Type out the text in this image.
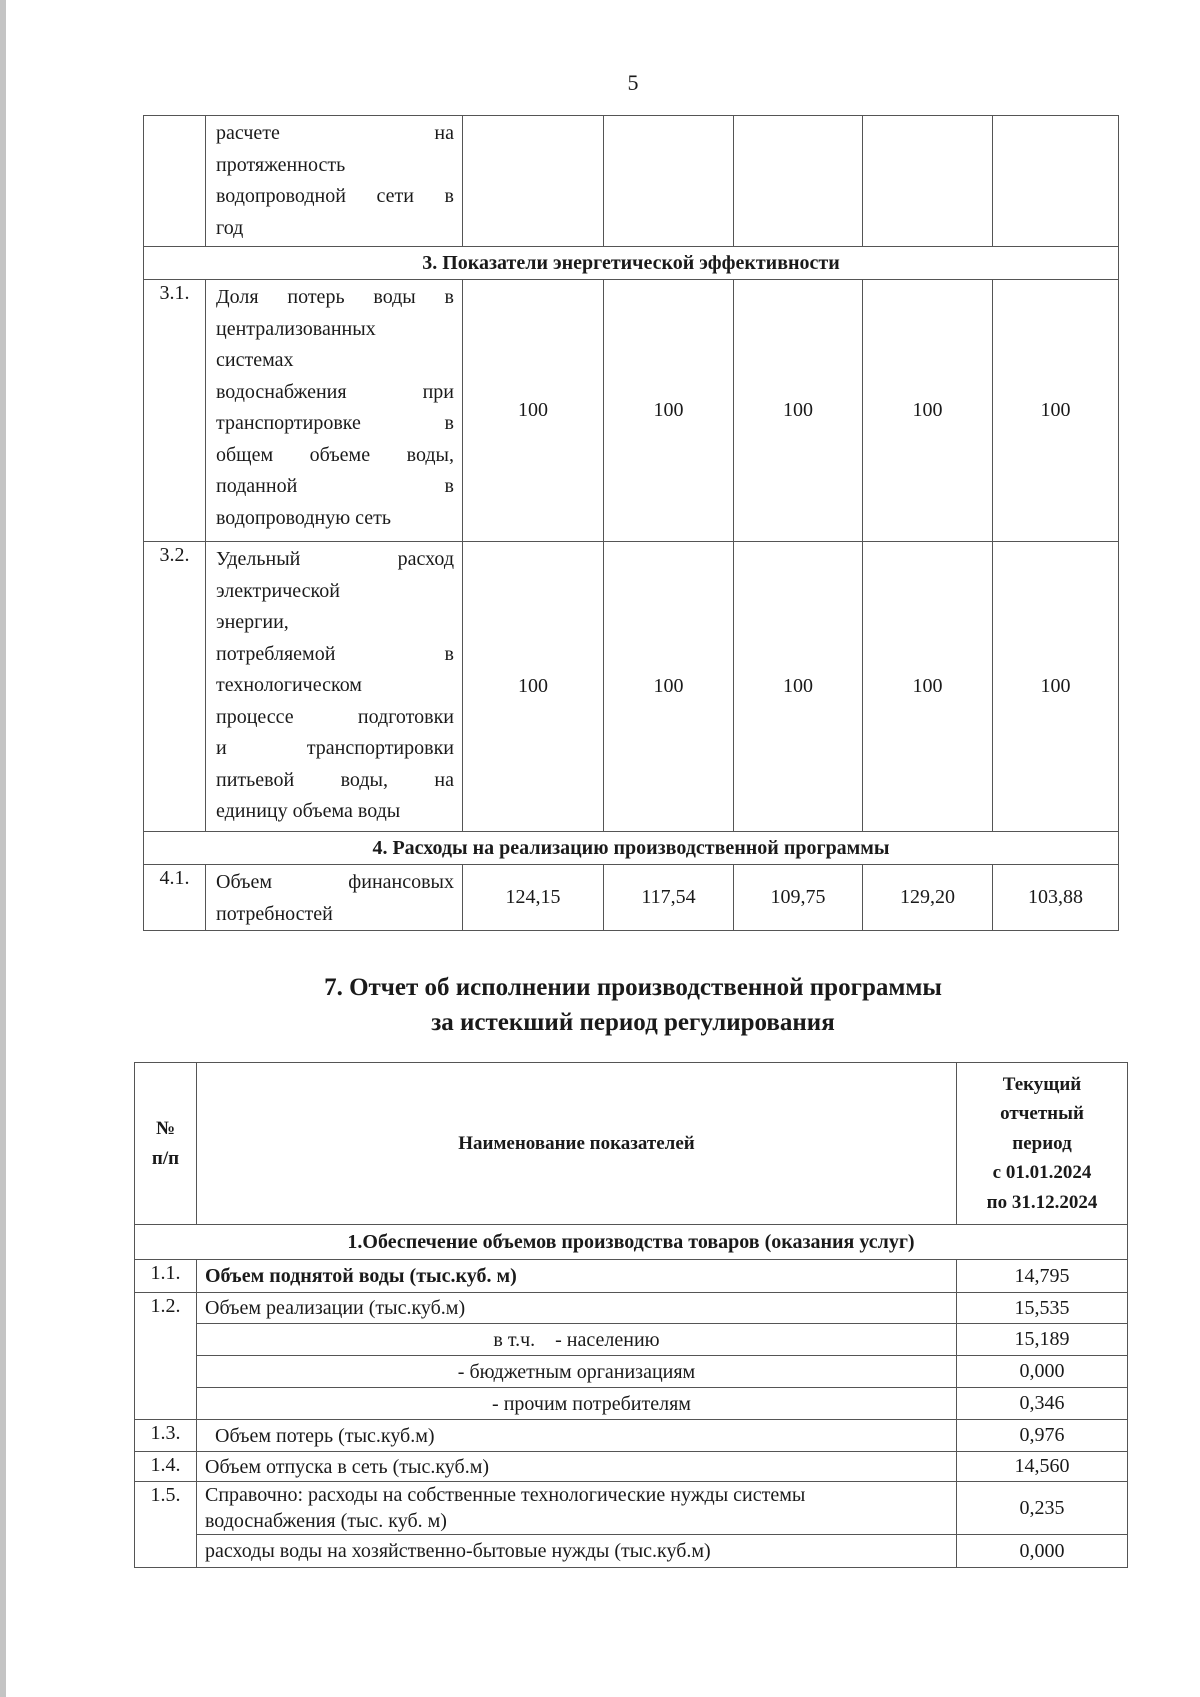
5

	расчете на
протяженность
водопроводной сети в
год					

3. Показатели энергетической эффективности						
3.1.	Доля потерь воды в
централизованных
системах
водоснабжения при
транспортировке в
общем объеме воды,
поданной в
водопроводную сеть
	100	100	100	100	100
3.2.	Удельный расход
электрической
энергии,
потребляемой в
технологическом
процессе подготовки
и транспортировки
питьевой воды, на
единицу объема воды
	100	100	100	100	100
4. Расходы на реализацию производственной программы						
4.1.	Объем финансовых
потребностей	124,15	117,54	109,75	129,20	103,88
7. Отчет об исполнении производственной программы
за истекший период регулирования
№
п/п
	Наименование показателей	
Текущий
отчетный
период
с 01.01.2024
по 31.12.2024

1.Обеспечение объемов производства товаров (оказания услуг)		
1.1.	Объем поднятой воды (тыс.куб. м)	14,795
1.2.	Объем реализации (тыс.куб.м)	15,535
	в т.ч.    - населению	15,189
	- бюджетным организациям	0,000
	- прочим потребителям	0,346
1.3.	Объем потерь (тыс.куб.м)	0,976
1.4.	Объем отпуска в сеть (тыс.куб.м)	14,560
1.5.	Справочно: расходы на собственные технологические нужды системы
водоснабжения (тыс. куб. м)	0,235
	расходы воды на хозяйственно-бытовые нужды (тыс.куб.м)	0,000
